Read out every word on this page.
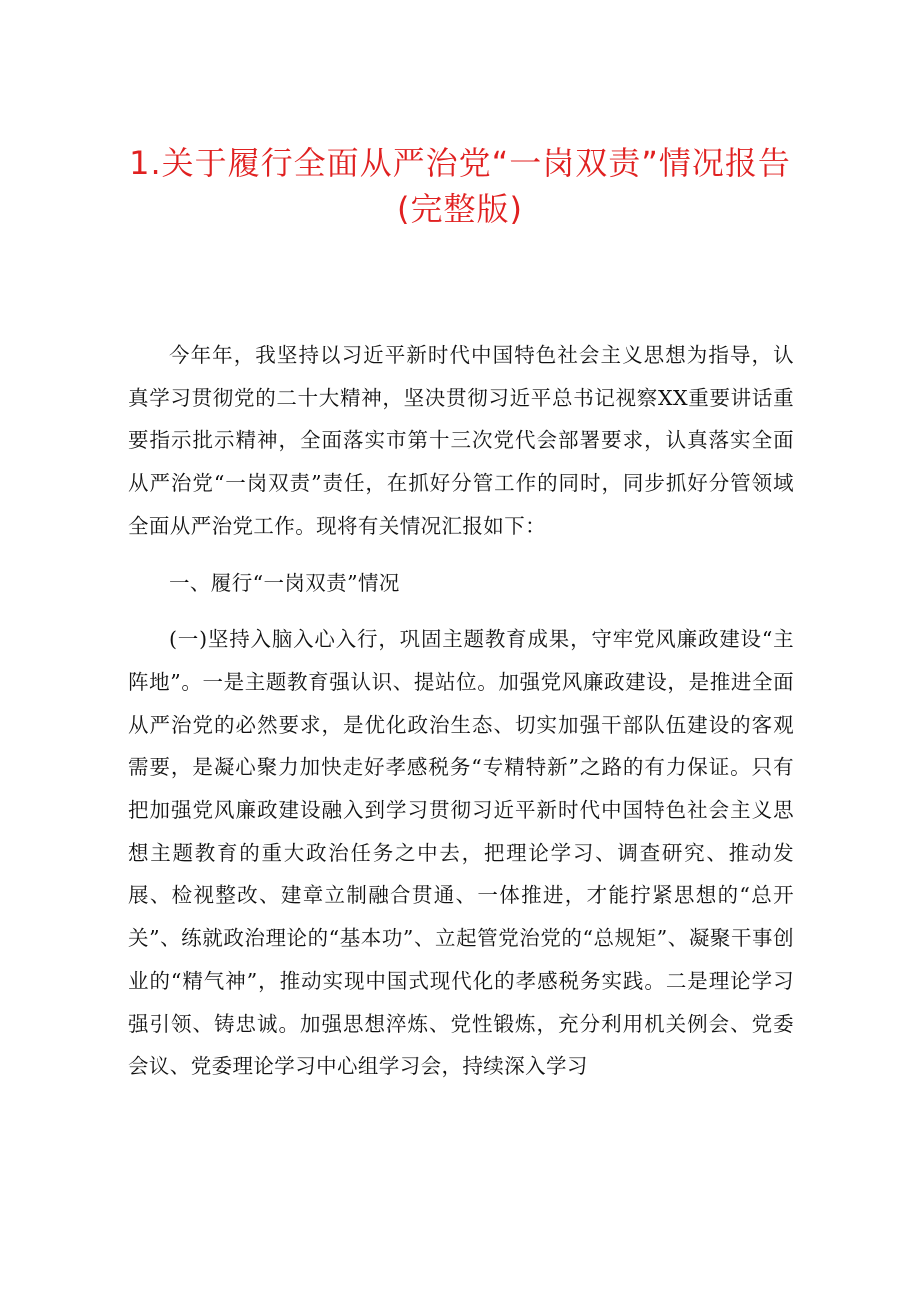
1.关于履行全面从严治党“一岗双责”情况报告(完整版)

今年年，我坚持以习近平新时代中国特色社会主义思想为指导，认真学习贯彻党的二十大精神，坚决贯彻习近平总书记视察XX重要讲话重要指示批示精神，全面落实市第十三次党代会部署要求，认真落实全面从严治党“一岗双责”责任，在抓好分管工作的同时，同步抓好分管领域全面从严治党工作。现将有关情况汇报如下：

一、履行“一岗双责”情况

(一)坚持入脑入心入行，巩固主题教育成果，守牢党风廉政建设“主阵地”。一是主题教育强认识、提站位。加强党风廉政建设，是推进全面从严治党的必然要求，是优化政治生态、切实加强干部队伍建设的客观需要，是凝心聚力加快走好孝感税务“专精特新”之路的有力保证。只有把加强党风廉政建设融入到学习贯彻习近平新时代中国特色社会主义思想主题教育的重大政治任务之中去，把理论学习、调查研究、推动发展、检视整改、建章立制融合贯通、一体推进，才能拧紧思想的“总开关”、练就政治理论的“基本功”、立起管党治党的“总规矩”、凝聚干事创业的“精气神”，推动实现中国式现代化的孝感税务实践。二是理论学习强引领、铸忠诚。加强思想淬炼、党性锻炼，充分利用机关例会、党委会议、党委理论学习中心组学习会，持续深入学习
